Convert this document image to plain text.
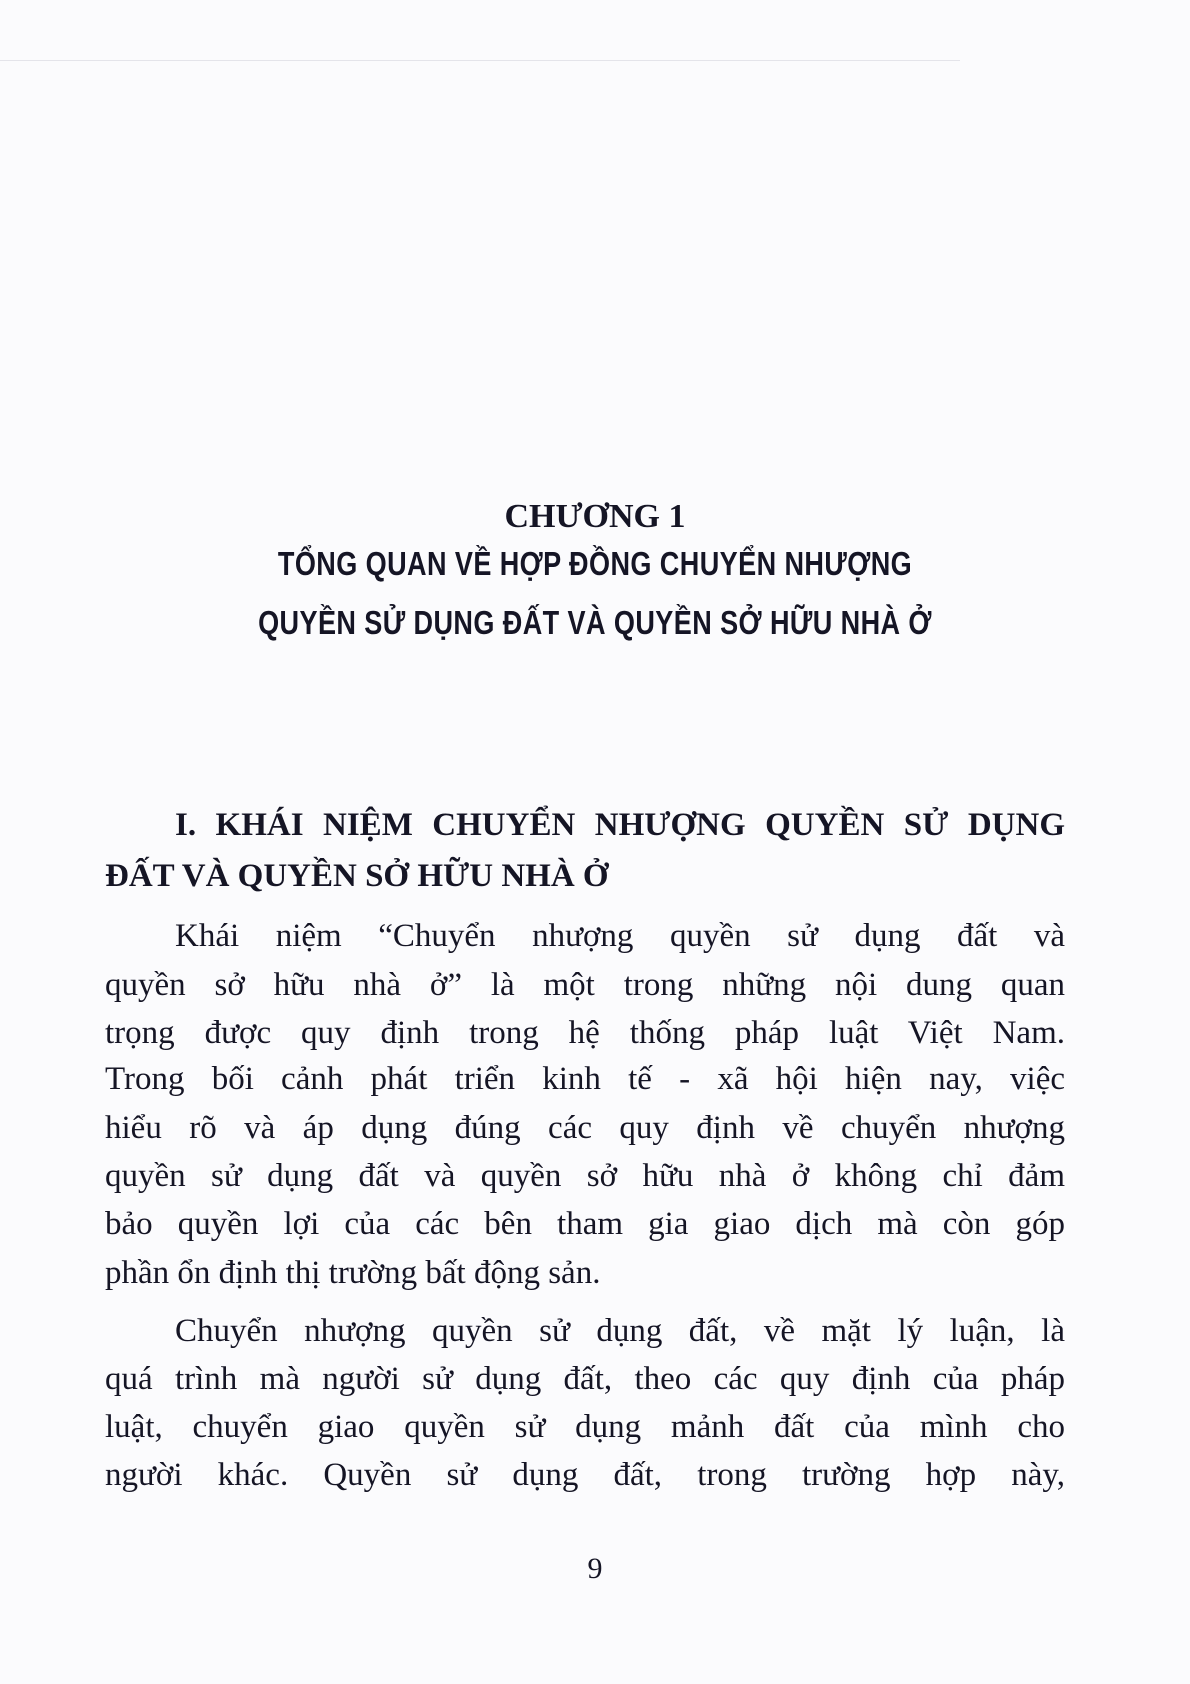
CHƯƠNG 1
TỔNG QUAN VỀ HỢP ĐỒNG CHUYỂN NHƯỢNG
QUYỀN SỬ DỤNG ĐẤT VÀ QUYỀN SỞ HỮU NHÀ Ở
I. KHÁI NIỆM CHUYỂN NHƯỢNG QUYỀN SỬ DỤNG
ĐẤT VÀ QUYỀN SỞ HỮU NHÀ Ở
Khái niệm “Chuyển nhượng quyền sử dụng đất và
quyền sở hữu nhà ở” là một trong những nội dung quan
trọng được quy định trong hệ thống pháp luật Việt Nam.
Trong bối cảnh phát triển kinh tế - xã hội hiện nay, việc
hiểu rõ và áp dụng đúng các quy định về chuyển nhượng
quyền sử dụng đất và quyền sở hữu nhà ở không chỉ đảm
bảo quyền lợi của các bên tham gia giao dịch mà còn góp
phần ổn định thị trường bất động sản.
Chuyển nhượng quyền sử dụng đất, về mặt lý luận, là
quá trình mà người sử dụng đất, theo các quy định của pháp
luật, chuyển giao quyền sử dụng mảnh đất của mình cho
người khác. Quyền sử dụng đất, trong trường hợp này,
9
